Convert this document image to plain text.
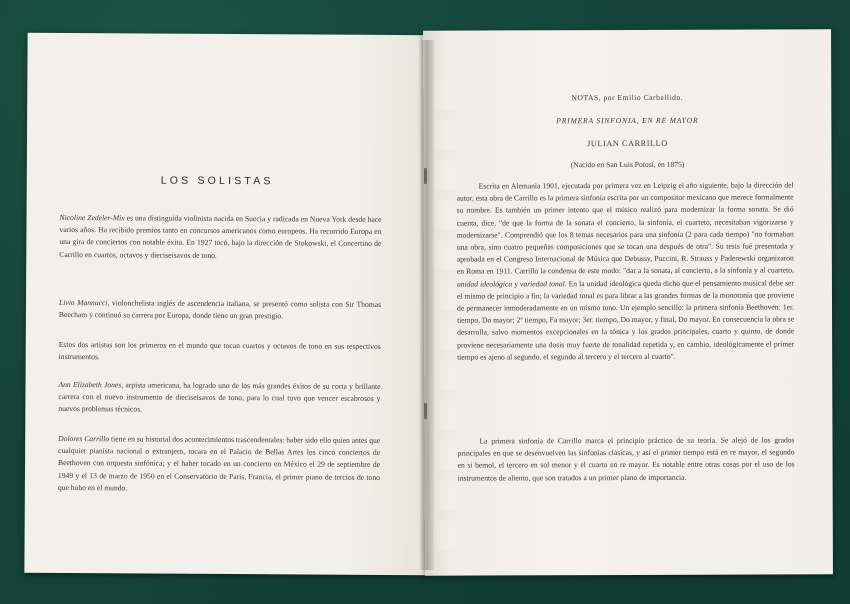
LOS SOLISTAS

Nicoline Zedeler-Mix es una distinguida violinista nacida en Suecia y radicada en Nueva York desde hace varios años. Ha recibido premios tanto en concursos americanos como europeos. Ha recorrido Europa en una gira de conciertos con notable éxito. En 1927 tocó, bajo la dirección de Stokowski, el Concertino de Carrillo en cuartos, octavos y dieciseisavos de tono.

Livio Mannucci, violonchelista inglés de ascendencia italiana, se presentó como solista con Sir Thomas Beecham y continuó su carrera por Europa, donde tiene un gran prestigio.

Estos dos artistas son los primeros en el mundo que tocan cuartos y octavos de tono en sus respectivos instrumentos.

Ann Elizabeth Jones, arpista americana, ha logrado uno de los más grandes éxitos de su corta y brillante carrera con el nuevo instrumento de dieciseisavos de tono, para lo cual tuvo que vencer escabrosos y nuevos problemas técnicos.

Dolores Carrillo tiene en su historial dos acontecimientos trascendentales: haber sido ello quien antes que cualquier pianista nacional o extranjero, tocara en el Palacio de Bellas Artes los cinco conciertos de Beethoven con orquesta sinfónica; y el haber tocado en un concierto en México el 29 de septiembre de 1949 y el 13 de marzo de 1950 en el Conservatorio de París, Francia, el primer piano de tercios de tono que hubo en el mundo.

NOTAS, por Emilio Carballido.
PRIMERA SINFONIA, EN RE MAYOR
JULIAN CARRILLO
(Nacido en San Luis Potosí, en 1875)

Escrita en Alemania 1901, ejecutada por primera vez en Leipzig el año siguiente, bajo la dirección del autor, esta obra de Carrillo es la primera sinfonía escrita por un compositor mexicano que merece formalmente su nombre. Es también un primer intento que el músico realizó para modernizar la forma sonata. Se dió cuenta, dice, "de que la forma de la sonata el concierto, la sinfonía, el cuarteto, necesitaban vigorizarse y modernizarse". Comprendió que los 8 temas necesarios para una sinfonía (2 para cada tiempo) "no formaban una obra, sino cuatro pequeñas composiciones que se tocan una después de otra". Su tesis fué presentada y aprobada en el Congreso Internacional de Música que Debussy, Puccini, R. Strauss y Paderewski organizaron en Roma en 1911. Carrillo la condensa de este modo: "dar a la sonata, al concierto, a la sinfonía y al cuarteto, unidad ideológica y variedad tonal. En la unidad ideológica queda dicho que el pensamiento musical debe ser el mismo de principio a fin; la variedad tonal es para librar a las grandes formas de la monotonía que proviene de permanecer inmoderadamente en un mismo tono. Un ejemplo sencillo: la primera sinfonía Beethoven: 1er. tiempo, Do mayor; 2º tiempo, Fa mayor; 3er. tiempo, Do mayor, y final, Do mayor. En consecuencia la obra se desarrolla, salvo momentos excepcionales en la tónica y los grados principales, cuarto y quinto, de donde proviene necesariamente una dosis muy fuerte de tonalidad repetida y, en cambio, ideológicamente el primer tiempo es ajeno al segundo, el segundo al tercero y el tercero al cuarto".

La primera sinfonía de Carrillo marca el principio práctico de su teoría. Se alejó de los grados principales en que se desenvuelven las sinfonías clásicas, y así el primer tiempo está en re mayor, el segundo en si bemol, el tercero en sol menor y el cuarto en re mayor. Es notable entre otras cosas por el uso de los instrumentos de aliento, que son tratados a un primer plano de importancia.
